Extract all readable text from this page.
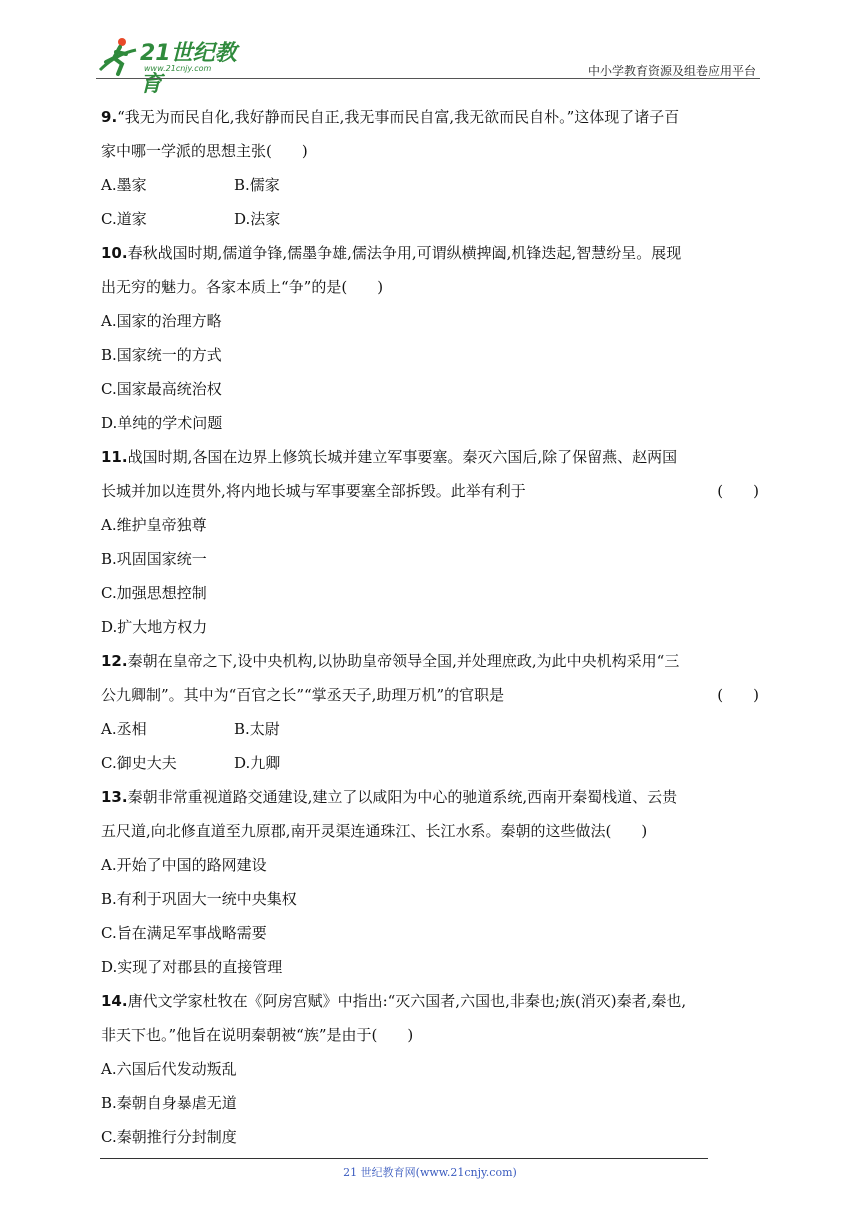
21世纪教育
www.21cnjy.com	中小学教育资源及组卷应用平台

9.“我无为而民自化,我好静而民自正,我无事而民自富,我无欲而民自朴。”这体现了诸子百

家中哪一学派的思想主张(　　)

A.墨家	B.儒家
C.道家	D.法家

10.春秋战国时期,儒道争锋,儒墨争雄,儒法争用,可谓纵横捭阖,机锋迭起,智慧纷呈。展现

出无穷的魅力。各家本质上“争”的是(　　)

A.国家的治理方略

B.国家统一的方式

C.国家最高统治权

D.单纯的学术问题

11.战国时期,各国在边界上修筑长城并建立军事要塞。秦灭六国后,除了保留燕、赵两国

长城并加以连贯外,将内地长城与军事要塞全部拆毁。此举有利于	(　　)

A.维护皇帝独尊

B.巩固国家统一

C.加强思想控制

D.扩大地方权力

12.秦朝在皇帝之下,设中央机构,以协助皇帝领导全国,并处理庶政,为此中央机构采用“三

公九卿制”。其中为“百官之长”“掌丞天子,助理万机”的官职是	(　　)
A.丞相	B.太尉
C.御史大夫	D.九卿

13.秦朝非常重视道路交通建设,建立了以咸阳为中心的驰道系统,西南开秦蜀栈道、云贵

五尺道,向北修直道至九原郡,南开灵渠连通珠江、长江水系。秦朝的这些做法(　　)

A.开始了中国的路网建设

B.有利于巩固大一统中央集权

C.旨在满足军事战略需要

D.实现了对郡县的直接管理

14.唐代文学家杜牧在《阿房宫赋》中指出:“灭六国者,六国也,非秦也;族(消灭)秦者,秦也,

非天下也。”他旨在说明秦朝被“族”是由于(　　)

A.六国后代发动叛乱

B.秦朝自身暴虐无道

C.秦朝推行分封制度

21 世纪教育网(www.21cnjy.com)
